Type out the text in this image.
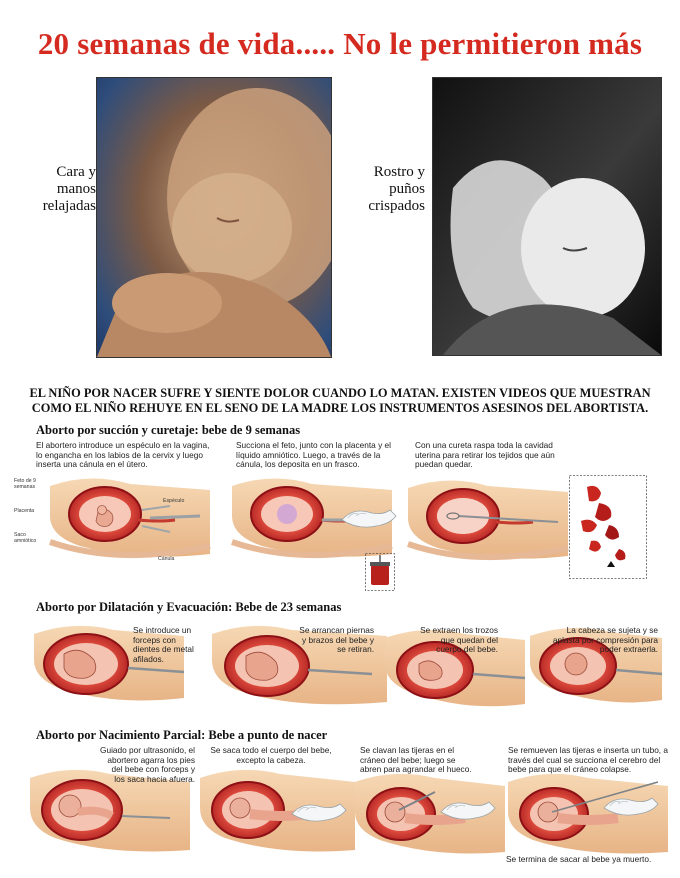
20 semanas de vida..... No le permitieron más
Cara y
manos
relajadas
Rostro y
puños
crispados
EL NIÑO POR NACER SUFRE Y SIENTE DOLOR CUANDO LO MATAN. EXISTEN VIDEOS QUE MUESTRAN
COMO EL NIÑO REHUYE EN EL SENO DE LA MADRE LOS INSTRUMENTOS ASESINOS DEL ABORTISTA.
Aborto por succión y curetaje: bebe de 9 semanas
El abortero introduce un espéculo en la vagina, lo engancha en los labios de la cervix y luego inserta una cánula en el útero.
Succiona el feto, junto con la placenta y el líquido amniótico. Luego, a través de la cánula, los deposita en un frasco.
Con una cureta raspa toda la cavidad uterina para retirar los tejidos que aún puedan quedar.
Feto de 9 semanas
Placenta
Saco amniótico
Espéculo
Cánula
Aborto por Dilatación y Evacuación: Bebe de 23 semanas
Se introduce un forceps con dientes de metal afilados.
Se arrancan piernas y brazos del bebe y se retiran.
Se extraen los trozos que quedan del cuerpo del bebe.
La cabeza se sujeta y se aplasta por compresión para poder extraerla.
Aborto por Nacimiento Parcial: Bebe a punto de nacer
Guiado por ultrasonido, el abortero agarra los pies del bebe con forceps y los saca hacia afuera.
Se saca todo el cuerpo del bebe, excepto la cabeza.
Se clavan las tijeras en el cráneo del bebe; luego se abren para agrandar el hueco.
Se remueven las tijeras e inserta un tubo, a través del cual se succiona el cerebro del bebe para que el cráneo colapse.
Se termina de sacar al bebe ya muerto.
